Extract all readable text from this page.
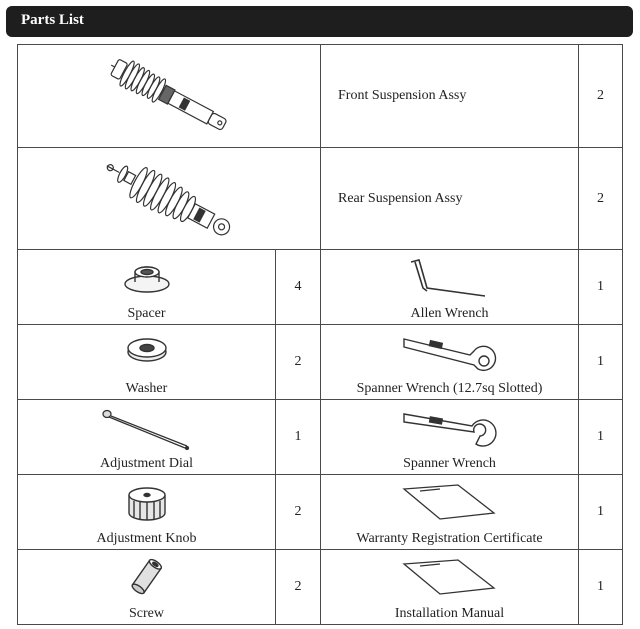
Parts List
	Front Suspension Assy	2

	Rear Suspension Assy	2

Spacer	4	Allen Wrench	1

Washer	2	Spanner Wrench (12.7sq Slotted)	1

Adjustment Dial	1	Spanner Wrench	1

Adjustment Knob	2	Warranty Registration Certificate	1

Screw	2	Installation Manual	1
